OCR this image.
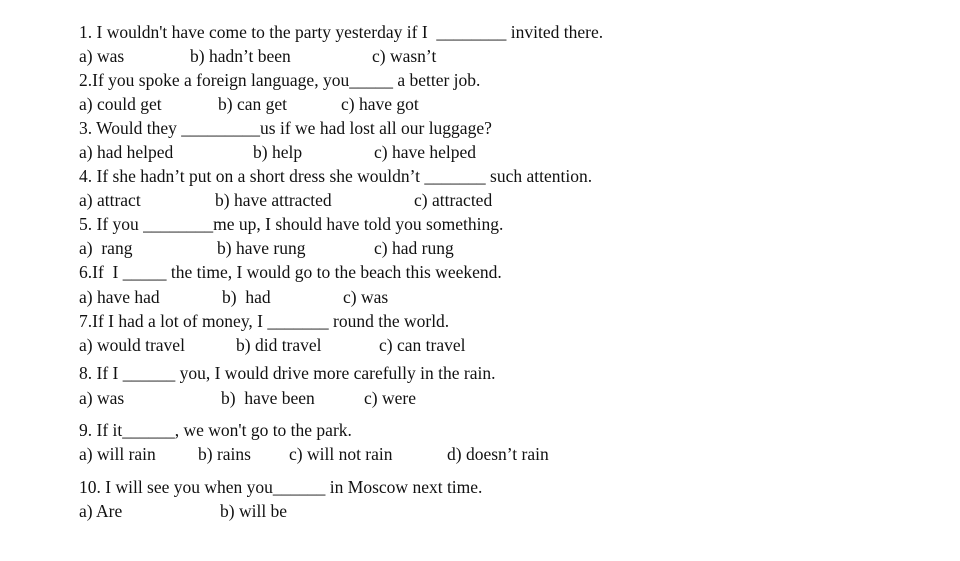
1. I wouldn't have come to the party yesterday if I  ________ invited there.

a) was

	b) hadn’t been

	c) wasn’t

2.If you spoke a foreign language, you_____ a better job.

a) could get

	b) can get

	c) have got

3. Would they _________us if we had lost all our luggage?

a) had helped

	b) help

	c) have helped

4. If she hadn’t put on a short dress she wouldn’t _______ such attention.

a) attract

	b) have attracted

	c) attracted

5. If you ________me up, I should have told you something.

a)  rang

	b) have rung

	c) had rung

6.If  I _____ the time, I would go to the beach this weekend.

a) have had

	b)  had

	c) was

7.If I had a lot of money, I _______ round the world.

a) would travel

	b) did travel

	c) can travel

8. If I ______ you, I would drive more carefully in the rain.

a) was

	b)  have been

	c) were

9. If it______, we won't go to the park.

a) will rain

b) rains

c) will not rain

	d) doesn’t rain

10. I will see you when you______ in Moscow next time.

a) Are

	b) will be
